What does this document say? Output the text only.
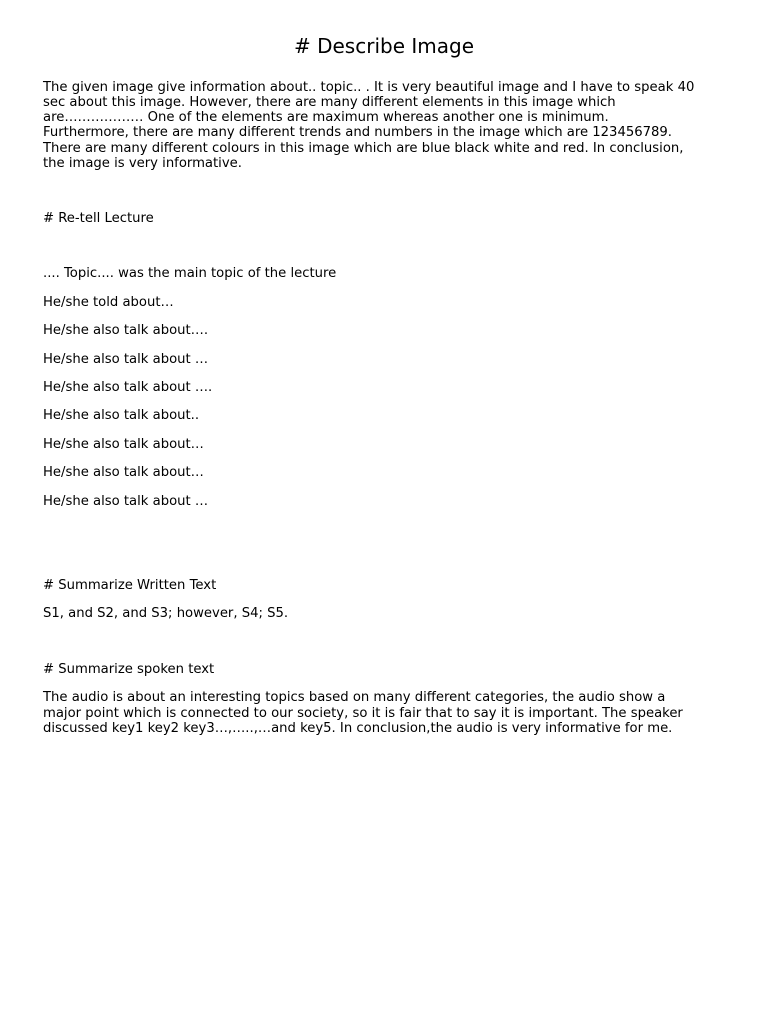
# Describe Image

The given image give information about.. topic.. . It is very beautiful image and I have to speak 40

sec about this image. However, there are many different elements in this image which

are……………… One of the elements are maximum whereas another one is minimum.

Furthermore, there are many different trends and numbers in the image which are 123456789.

There are many different colours in this image which are blue black white and red. In conclusion,

the image is very informative.

# Re-tell Lecture

.... Topic.... was the main topic of the lecture

He/she told about…

He/she also talk about….

He/she also talk about …

He/she also talk about ….

He/she also talk about..

He/she also talk about…

He/she also talk about…

He/she also talk about …

# Summarize Written Text

S1, and S2, and S3; however, S4; S5.

# Summarize spoken text

The audio is about an interesting topics based on many different categories, the audio show a

major point which is connected to our society, so it is fair that to say it is important. The speaker

discussed key1 key2 key3…,…..,…and key5. In conclusion,the audio is very informative for me.
